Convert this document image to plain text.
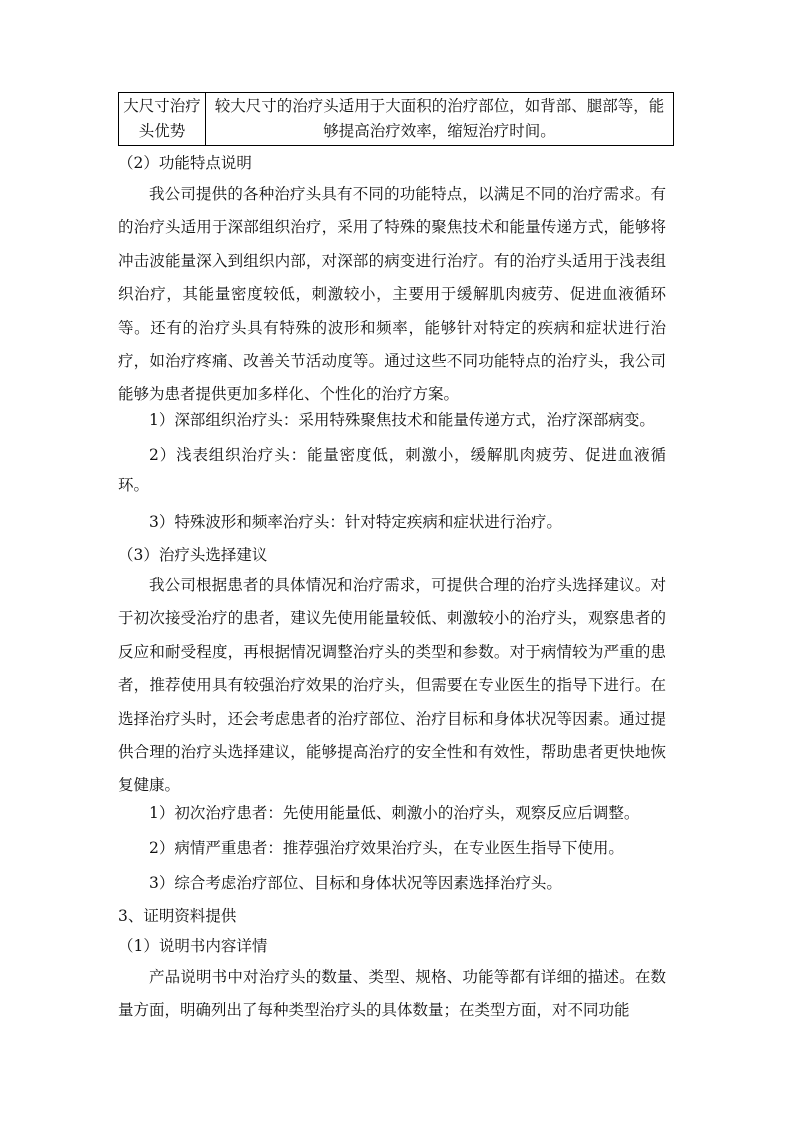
大尺寸治疗头优势	较大尺寸的治疗头适用于大面积的治疗部位，如背部、腿部等，能够提高治疗效率，缩短治疗时间。
（2）功能特点说明
我公司提供的各种治疗头具有不同的功能特点，以满足不同的治疗需求。有的治疗头适用于深部组织治疗，采用了特殊的聚焦技术和能量传递方式，能够将冲击波能量深入到组织内部，对深部的病变进行治疗。有的治疗头适用于浅表组织治疗，其能量密度较低，刺激较小，主要用于缓解肌肉疲劳、促进血液循环等。还有的治疗头具有特殊的波形和频率，能够针对特定的疾病和症状进行治疗，如治疗疼痛、改善关节活动度等。通过这些不同功能特点的治疗头，我公司能够为患者提供更加多样化、个性化的治疗方案。
1）深部组织治疗头：采用特殊聚焦技术和能量传递方式，治疗深部病变。
2）浅表组织治疗头：能量密度低，刺激小，缓解肌肉疲劳、促进血液循环。
3）特殊波形和频率治疗头：针对特定疾病和症状进行治疗。
（3）治疗头选择建议
我公司根据患者的具体情况和治疗需求，可提供合理的治疗头选择建议。对于初次接受治疗的患者，建议先使用能量较低、刺激较小的治疗头，观察患者的反应和耐受程度，再根据情况调整治疗头的类型和参数。对于病情较为严重的患者，推荐使用具有较强治疗效果的治疗头，但需要在专业医生的指导下进行。在选择治疗头时，还会考虑患者的治疗部位、治疗目标和身体状况等因素。通过提供合理的治疗头选择建议，能够提高治疗的安全性和有效性，帮助患者更快地恢复健康。
1）初次治疗患者：先使用能量低、刺激小的治疗头，观察反应后调整。
2）病情严重患者：推荐强治疗效果治疗头，在专业医生指导下使用。
3）综合考虑治疗部位、目标和身体状况等因素选择治疗头。
3、证明资料提供
（1）说明书内容详情
产品说明书中对治疗头的数量、类型、规格、功能等都有详细的描述。在数量方面，明确列出了每种类型治疗头的具体数量；在类型方面，对不同功能
